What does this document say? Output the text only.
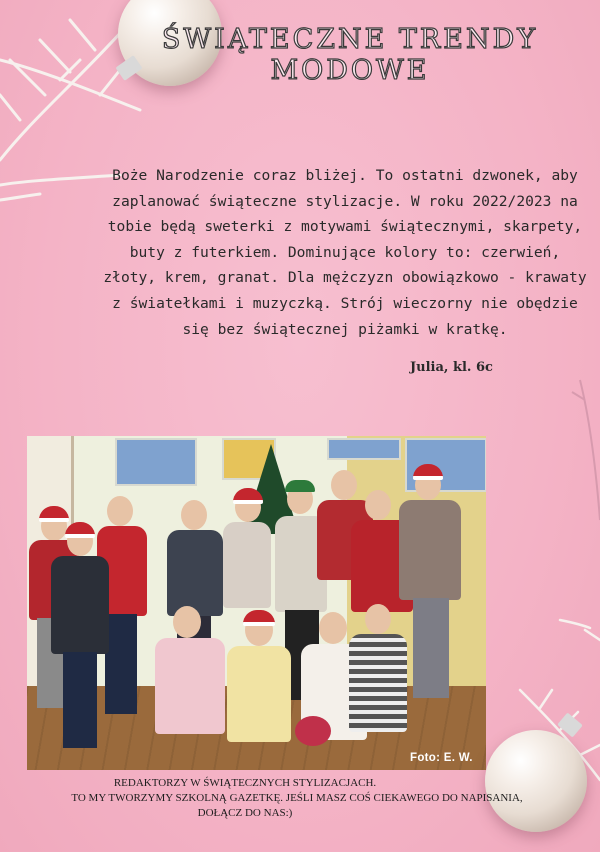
ŚWIĄTECZNE TRENDY
MODOWE
Boże Narodzenie coraz bliżej. To ostatni dzwonek, aby zaplanować świąteczne stylizacje. W roku 2022/2023 na tobie będą sweterki z motywami świątecznymi, skarpety, buty z futerkiem. Dominujące kolory to: czerwień, złoty, krem, granat. Dla mężczyzn obowiązkowo - krawaty z światełkami i muzyczką. Strój wieczorny nie obędzie się bez świątecznej piżamki w kratkę.
Julia, kl. 6c
Foto: E. W.
REDAKTORZY W ŚWIĄTECZNYCH STYLIZACJACH.
TO MY TWORZYMY SZKOLNĄ GAZETKĘ. JEŚLI MASZ COŚ CIEKAWEGO DO NAPISANIA,
DOŁĄCZ DO NAS:)
